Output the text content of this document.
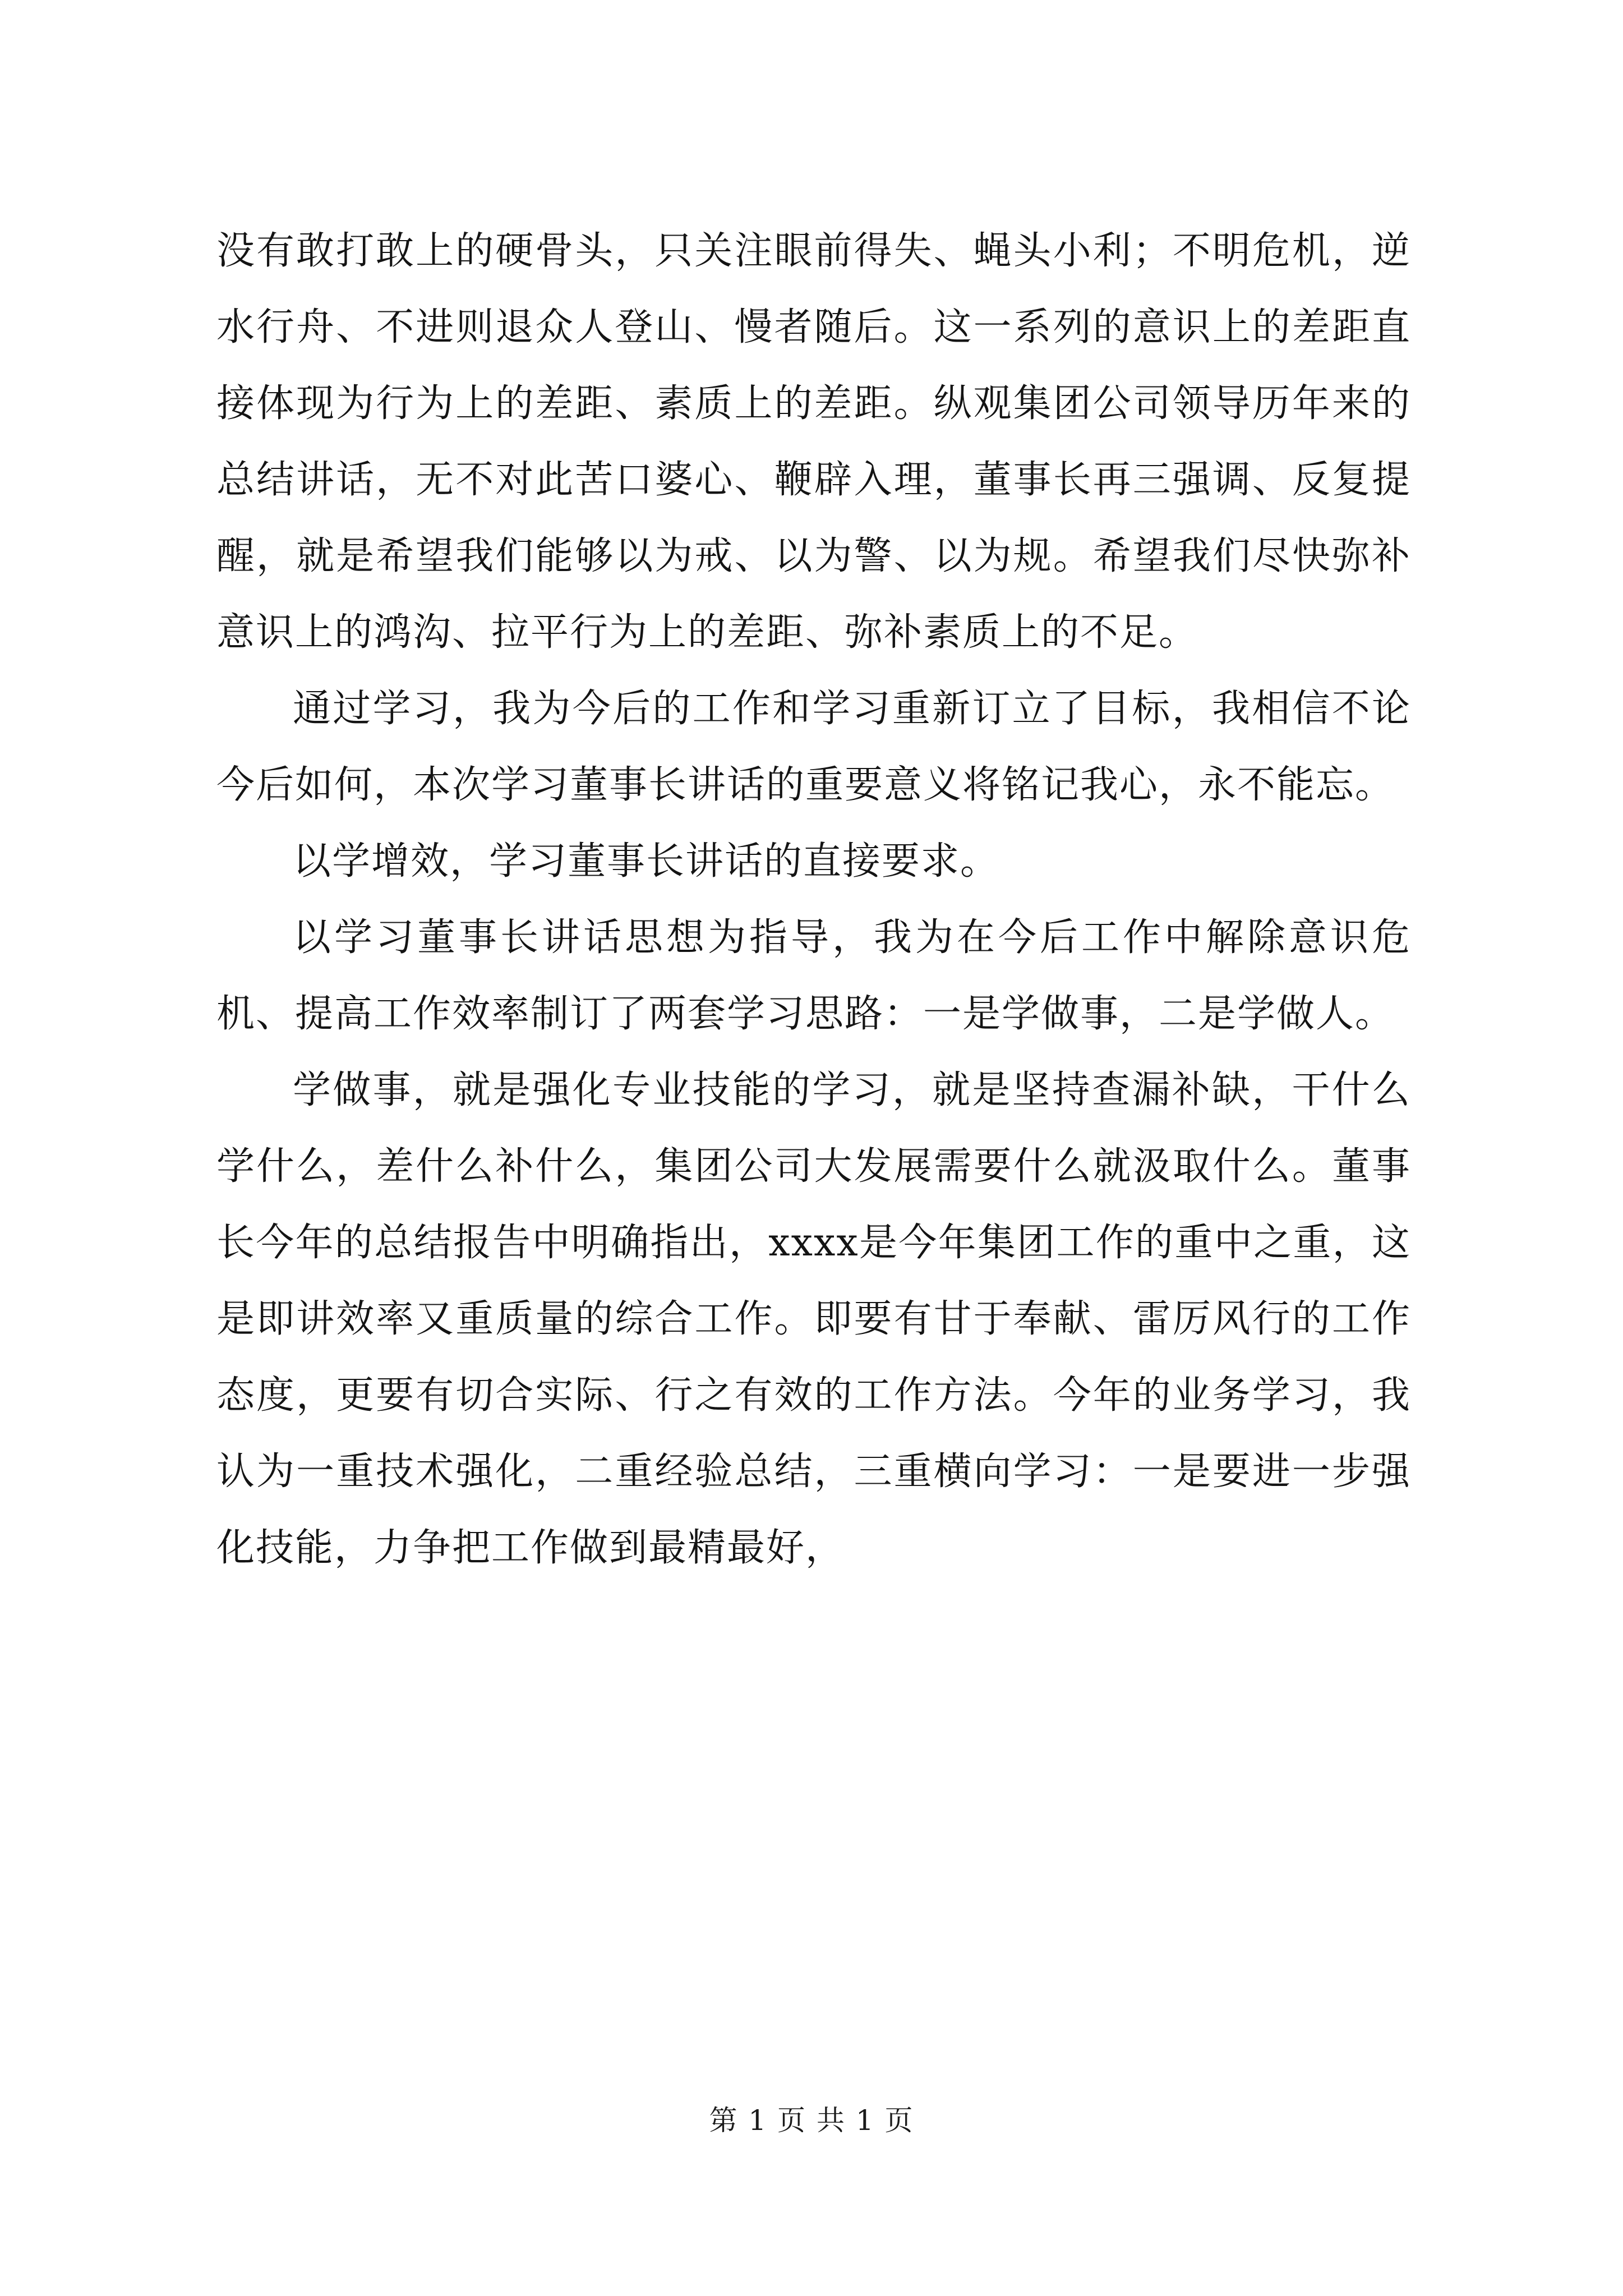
没有敢打敢上的硬骨头，只关注眼前得失、蝇头小利；不明危机，逆水行舟、不进则退众人登山、慢者随后。这一系列的意识上的差距直接体现为行为上的差距、素质上的差距。纵观集团公司领导历年来的总结讲话，无不对此苦口婆心、鞭辟入理，董事长再三强调、反复提醒，就是希望我们能够以为戒、以为警、以为规。希望我们尽快弥补意识上的鸿沟、拉平行为上的差距、弥补素质上的不足。

通过学习，我为今后的工作和学习重新订立了目标，我相信不论今后如何，本次学习董事长讲话的重要意义将铭记我心，永不能忘。

以学增效，学习董事长讲话的直接要求。

以学习董事长讲话思想为指导，我为在今后工作中解除意识危机、提高工作效率制订了两套学习思路：一是学做事，二是学做人。

学做事，就是强化专业技能的学习，就是坚持查漏补缺，干什么学什么，差什么补什么，集团公司大发展需要什么就汲取什么。董事长今年的总结报告中明确指出，xxxx是今年集团工作的重中之重，这是即讲效率又重质量的综合工作。即要有甘于奉献、雷厉风行的工作态度，更要有切合实际、行之有效的工作方法。今年的业务学习，我认为一重技术强化，二重经验总结，三重横向学习：一是要进一步强化技能，力争把工作做到最精最好，

第 1 页 共 1 页
